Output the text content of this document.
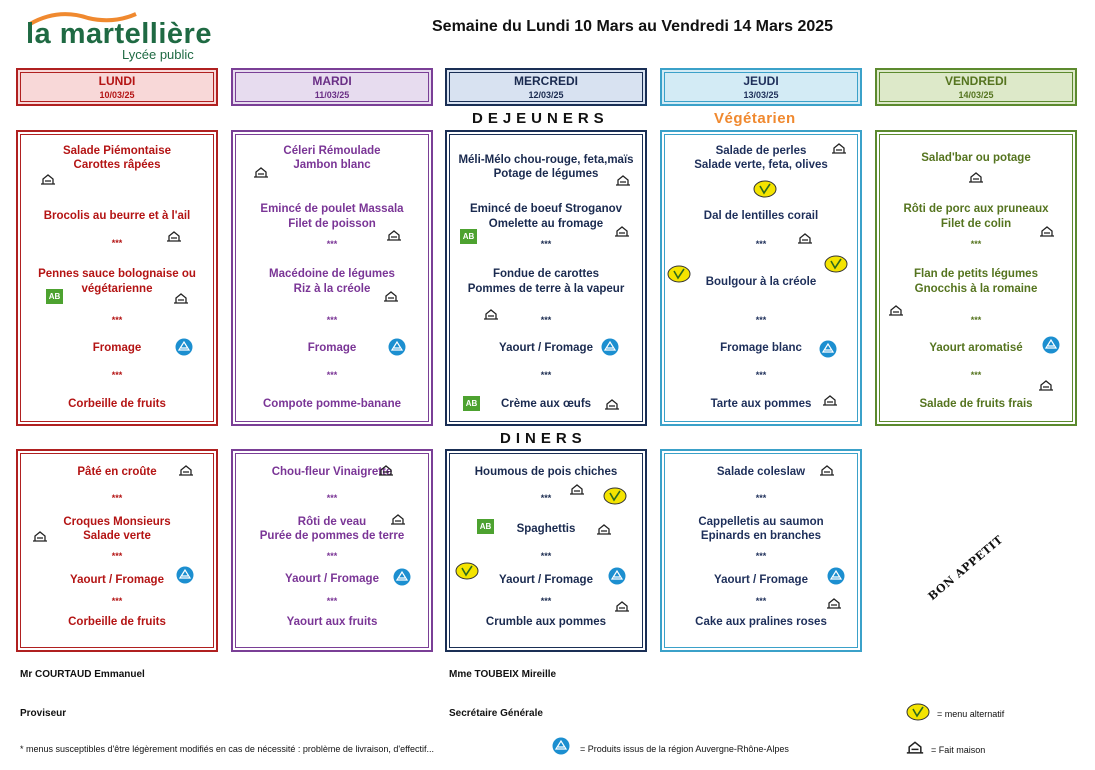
la martellière
Lycée public
Semaine du Lundi 10 Mars au Vendredi 14 Mars 2025
LUNDI
10/03/25
MARDI
11/03/25
MERCREDI
12/03/25
JEUDI
13/03/25
VENDREDI
14/03/25
DEJEUNERS	Végétarien
Salade Piémontaise
Carottes râpées
Brocolis au beurre et à l'ail
***
Pennes sauce bolognaise ou
végétarienne
***
Fromage
***
Corbeille de fruits
Céleri Rémoulade
Jambon blanc
Emincé de poulet Massala
Filet de poisson
***
Macédoine de légumes
Riz à la créole
***
Fromage
***
Compote pomme-banane
Méli-Mélo chou-rouge, feta,maïs
Potage de légumes
Emincé de boeuf Stroganov
Omelette au fromage
***
Fondue de carottes
Pommes de terre à la vapeur
***
Yaourt / Fromage
***
Crème aux œufs
Salade de perles
Salade verte, feta, olives
Dal de lentilles corail
***
Boulgour à la créole
***
Fromage blanc
***
Tarte aux pommes
Salad'bar ou potage
Rôti de porc aux pruneaux
Filet de colin
***
Flan de petits légumes
Gnocchis à la romaine
***
Yaourt aromatisé
***
Salade de fruits frais
DINERS
Pâté en croûte
***
Croques Monsieurs
Salade verte
***
Yaourt / Fromage
***
Corbeille de fruits
Chou-fleur Vinaigrette
***
Rôti de veau
Purée de pommes de terre
***
Yaourt / Fromage
***
Yaourt aux fruits
Houmous de pois chiches
***
Spaghettis
***
Yaourt / Fromage
***
Crumble aux pommes
Salade coleslaw
***
Cappelletis au saumon
Epinards en branches
***
Yaourt / Fromage
***
Cake aux pralines roses
BON APPETIT
AB
AB
AB
AB
Mr COURTAUD Emmanuel
Proviseur
Mme TOUBEIX Mireille
Secrétaire Générale
* menus susceptibles d'être légèrement modifiés en cas de nécessité : problème de livraison, d'effectif...
= menu alternatif
= Produits issus de la région Auvergne-Rhône-Alpes	= Fait maison
